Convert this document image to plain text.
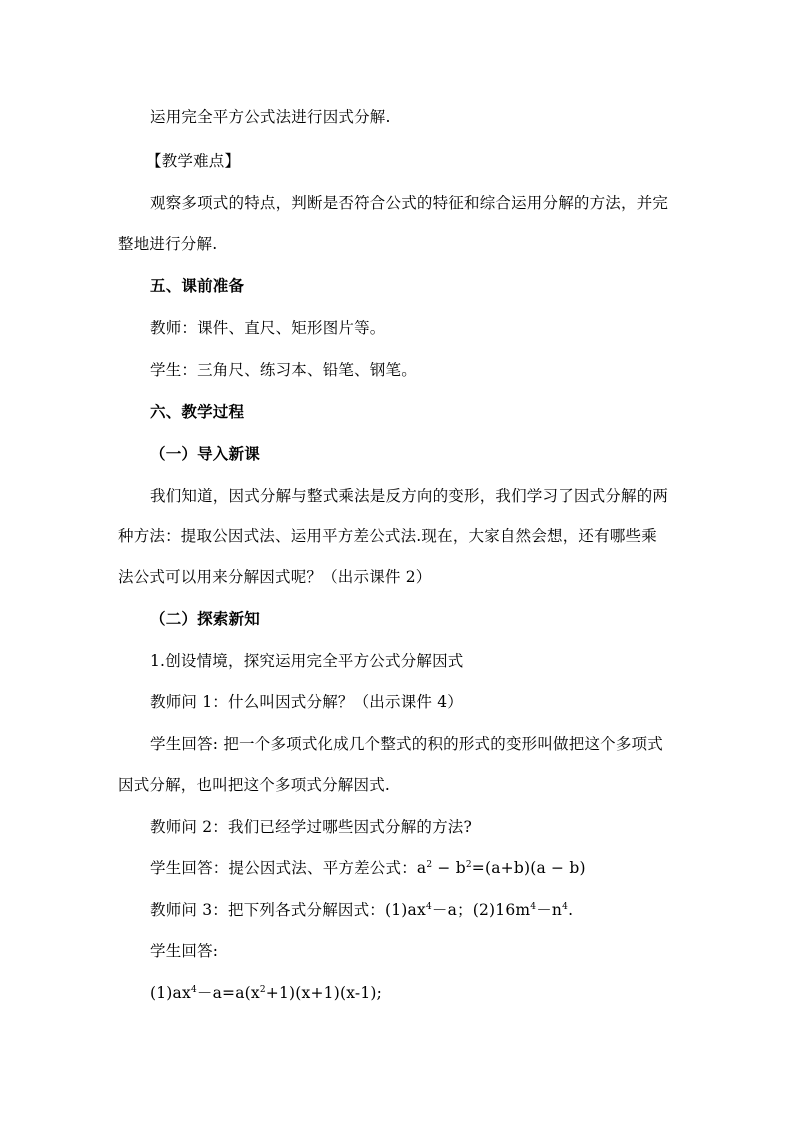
运用完全平方公式法进行因式分解.
【教学难点】
观察多项式的特点，判断是否符合公式的特征和综合运用分解的方法，并完
整地进行分解.
五、课前准备
教师：课件、直尺、矩形图片等。
学生：三角尺、练习本、铅笔、钢笔。
六、教学过程
（一）导入新课
我们知道，因式分解与整式乘法是反方向的变形，我们学习了因式分解的两
种方法：提取公因式法、运用平方差公式法.现在，大家自然会想，还有哪些乘
法公式可以用来分解因式呢？（出示课件 2）
（二）探索新知
1.创设情境，探究运用完全平方公式分解因式
教师问 1：什么叫因式分解？（出示课件 4）
学生回答: 把一个多项式化成几个整式的积的形式的变形叫做把这个多项式
因式分解，也叫把这个多项式分解因式.
教师问 2：我们已经学过哪些因式分解的方法?
学生回答：提公因式法、平方差公式：$a^2 - b^2=(a+b)(a - b)$
教师问 3：把下列各式分解因式：$(1)ax^4-a$；$(2)16m^4-n^4$.
学生回答:
$(1)ax^4-a=a(x^2+1)(x+1)(x-1)$;
